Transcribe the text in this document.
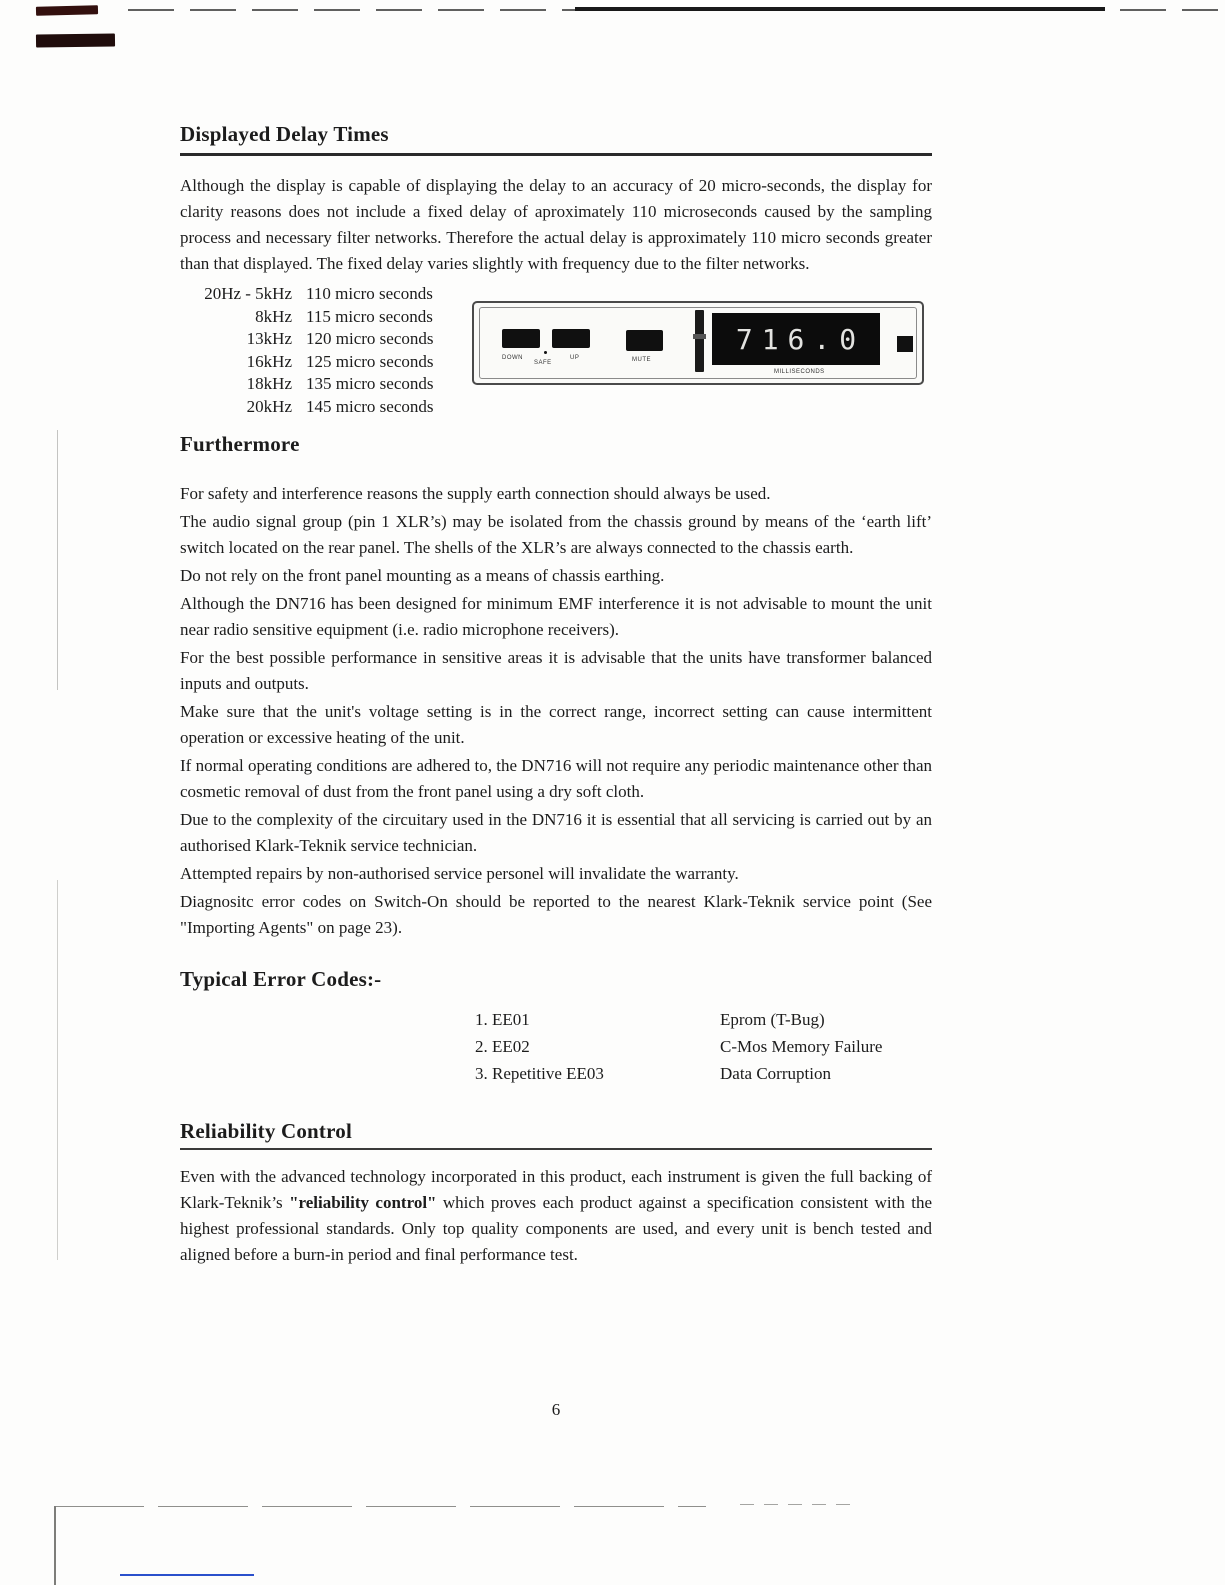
Displayed Delay Times

Although the display is capable of displaying the delay to an accuracy of 20 micro-seconds, the display for clarity reasons does not include a fixed delay of aproximately 110 microseconds caused by the sampling process and necessary filter networks. Therefore the actual delay is approximately 110 micro seconds greater than that displayed. The fixed delay varies slightly with frequency due to the filter networks.

20Hz - 5kHz 110 micro seconds
8kHz 115 micro seconds
13kHz 120 micro seconds
16kHz 125 micro seconds
18kHz 135 micro seconds
20kHz 145 micro seconds
DOWN
SAFE
UP	MUTE
716.0
MILLISECONDS
Furthermore

For safety and interference reasons the supply earth connection should always be used.

The audio signal group (pin 1 XLR’s) may be isolated from the chassis ground by means of the ‘earth lift’ switch located on the rear panel. The shells of the XLR’s are always connected to the chassis earth.

Do not rely on the front panel mounting as a means of chassis earthing.

Although the DN716 has been designed for minimum EMF interference it is not advisable to mount the unit near radio sensitive equipment (i.e. radio microphone receivers).

For the best possible performance in sensitive areas it is advisable that the units have transformer balanced inputs and outputs.

Make sure that the unit's voltage setting is in the correct range, incorrect setting can cause intermittent operation or excessive heating of the unit.

If normal operating conditions are adhered to, the DN716 will not require any periodic maintenance other than cosmetic removal of dust from the front panel using a dry soft cloth.

Due to the complexity of the circuitary used in the DN716 it is essential that all servicing is carried out by an authorised Klark-Teknik service technician.

Attempted repairs by non-authorised service personel will invalidate the warranty.

Diagnositc error codes on Switch-On should be reported to the nearest Klark-Teknik service point (See "Importing Agents" on page 23).

Typical Error Codes:-
1. EE01	Eprom (T-Bug)
2. EE02	C-Mos Memory Failure
3. Repetitive EE03	Data Corruption
Reliability Control

Even with the advanced technology incorporated in this product, each instrument is given the full backing of Klark-Teknik’s "reliability control" which proves each product against a specification consistent with the highest professional standards. Only top quality components are used, and every unit is bench tested and aligned before a burn-in period and final performance test.

6
